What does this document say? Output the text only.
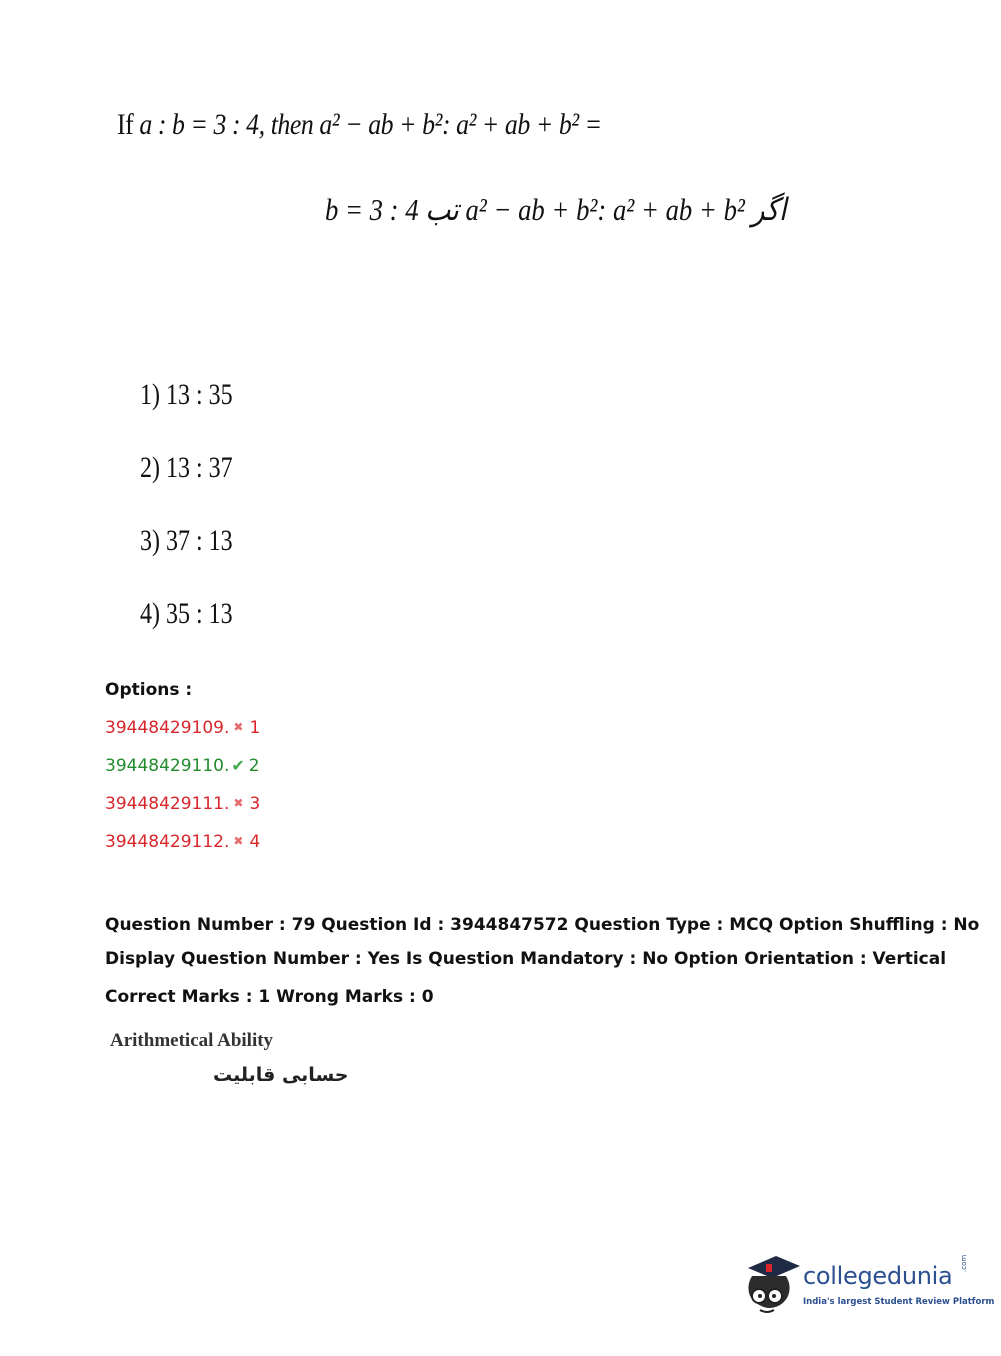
If a : b = 3 : 4, then a² − ab + b²: a² + ab + b² =
b = 3 : 4 تب a² − ab + b²: a² + ab + b² اگر
1) 13 : 35
2) 13 : 37
3) 37 : 13
4) 35 : 13
Options :
39448429109. ✖ 1
39448429110. ✔ 2
39448429111. ✖ 3
39448429112. ✖ 4
Question Number : 79 Question Id : 3944847572 Question Type : MCQ Option Shuffling : No
Display Question Number : Yes Is Question Mandatory : No Option Orientation : Vertical
Correct Marks : 1 Wrong Marks : 0
Arithmetical Ability
حسابی قابلیت
collegedunia .com
India's largest Student Review Platform
